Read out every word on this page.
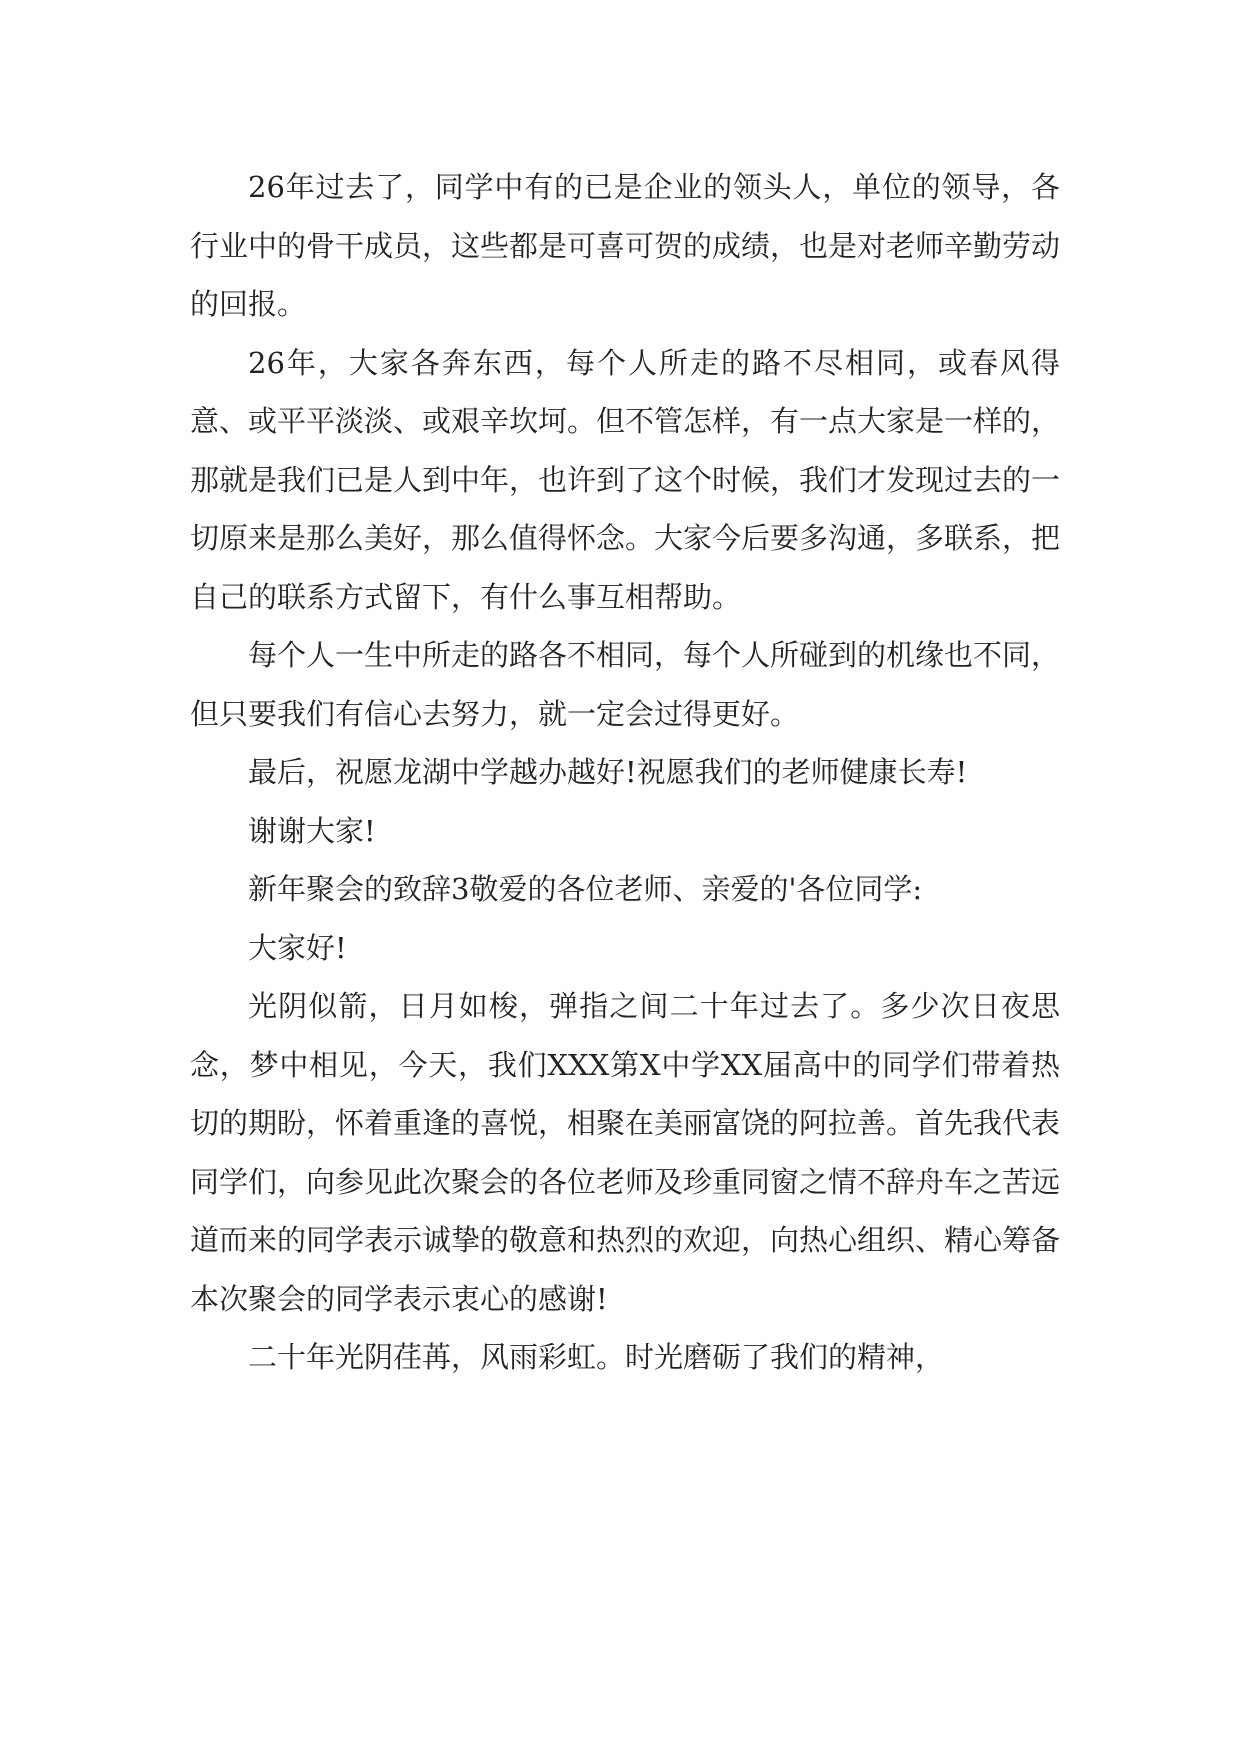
26年过去了，同学中有的已是企业的领头人，单位的领导，各行业中的骨干成员，这些都是可喜可贺的成绩，也是对老师辛勤劳动的回报。

26年，大家各奔东西，每个人所走的路不尽相同，或春风得意、或平平淡淡、或艰辛坎坷。但不管怎样，有一点大家是一样的，那就是我们已是人到中年，也许到了这个时候，我们才发现过去的一切原来是那么美好，那么值得怀念。大家今后要多沟通，多联系，把自己的联系方式留下，有什么事互相帮助。

每个人一生中所走的路各不相同，每个人所碰到的机缘也不同，但只要我们有信心去努力，就一定会过得更好。

最后，祝愿龙湖中学越办越好!祝愿我们的老师健康长寿!

谢谢大家!

新年聚会的致辞3敬爱的各位老师、亲爱的'各位同学:

大家好!

光阴似箭，日月如梭，弹指之间二十年过去了。多少次日夜思念，梦中相见，今天，我们XXX第X中学XX届高中的同学们带着热切的期盼，怀着重逢的喜悦，相聚在美丽富饶的阿拉善。首先我代表同学们，向参见此次聚会的各位老师及珍重同窗之情不辞舟车之苦远道而来的同学表示诚挚的敬意和热烈的欢迎，向热心组织、精心筹备本次聚会的同学表示衷心的感谢!

二十年光阴荏苒，风雨彩虹。时光磨砺了我们的精神，
